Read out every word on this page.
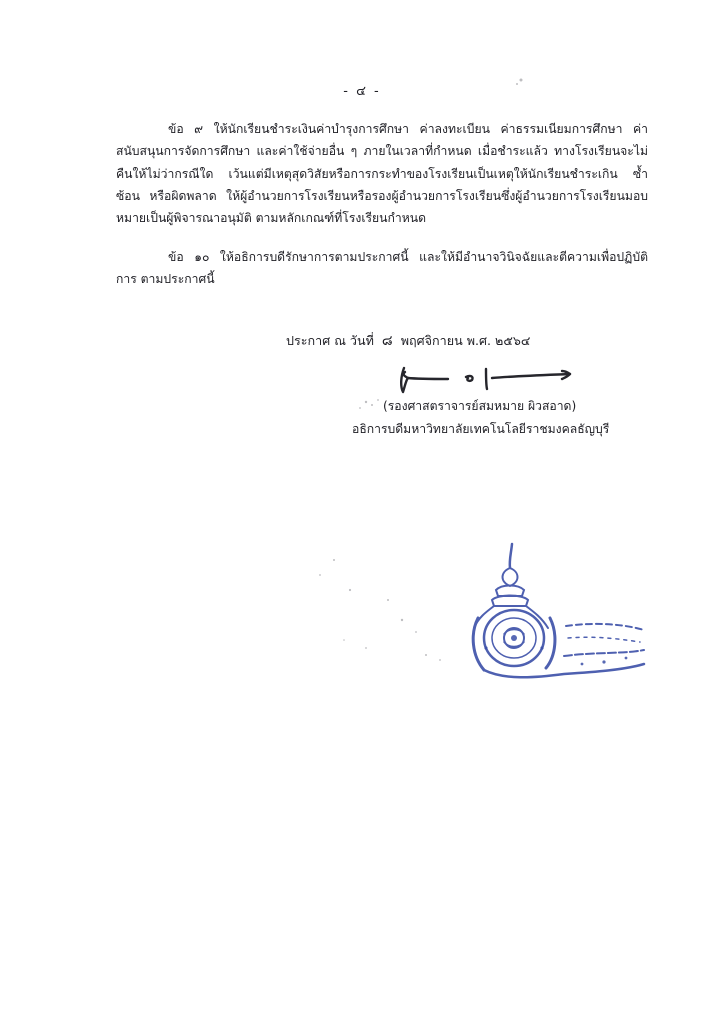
- ๔ -
ข้อ ๙ ให้นักเรียนชำระเงินค่าบำรุงการศึกษา ค่าลงทะเบียน ค่าธรรมเนียมการศึกษา ค่าสนับสนุนการจัดการศึกษา และค่าใช้จ่ายอื่น ๆ ภายในเวลาที่กำหนด เมื่อชำระแล้ว ทางโรงเรียนจะไม่คืนให้ไม่ว่ากรณีใด เว้นแต่มีเหตุสุดวิสัยหรือการกระทำของโรงเรียนเป็นเหตุให้นักเรียนชำระเกิน ซ้ำซ้อน หรือผิดพลาด ให้ผู้อำนวยการโรงเรียนหรือรองผู้อำนวยการโรงเรียนซึ่งผู้อำนวยการโรงเรียนมอบหมายเป็นผู้พิจารณาอนุมัติ ตามหลักเกณฑ์ที่โรงเรียนกำหนด
ข้อ ๑๐ ให้อธิการบดีรักษาการตามประกาศนี้ และให้มีอำนาจวินิจฉัยและตีความเพื่อปฏิบัติการ ตามประกาศนี้
ประกาศ ณ วันที่ ๘ พฤศจิกายน พ.ศ. ๒๕๖๔
(รองศาสตราจารย์สมหมาย ผิวสอาด)
อธิการบดีมหาวิทยาลัยเทคโนโลยีราชมงคลธัญบุรี
